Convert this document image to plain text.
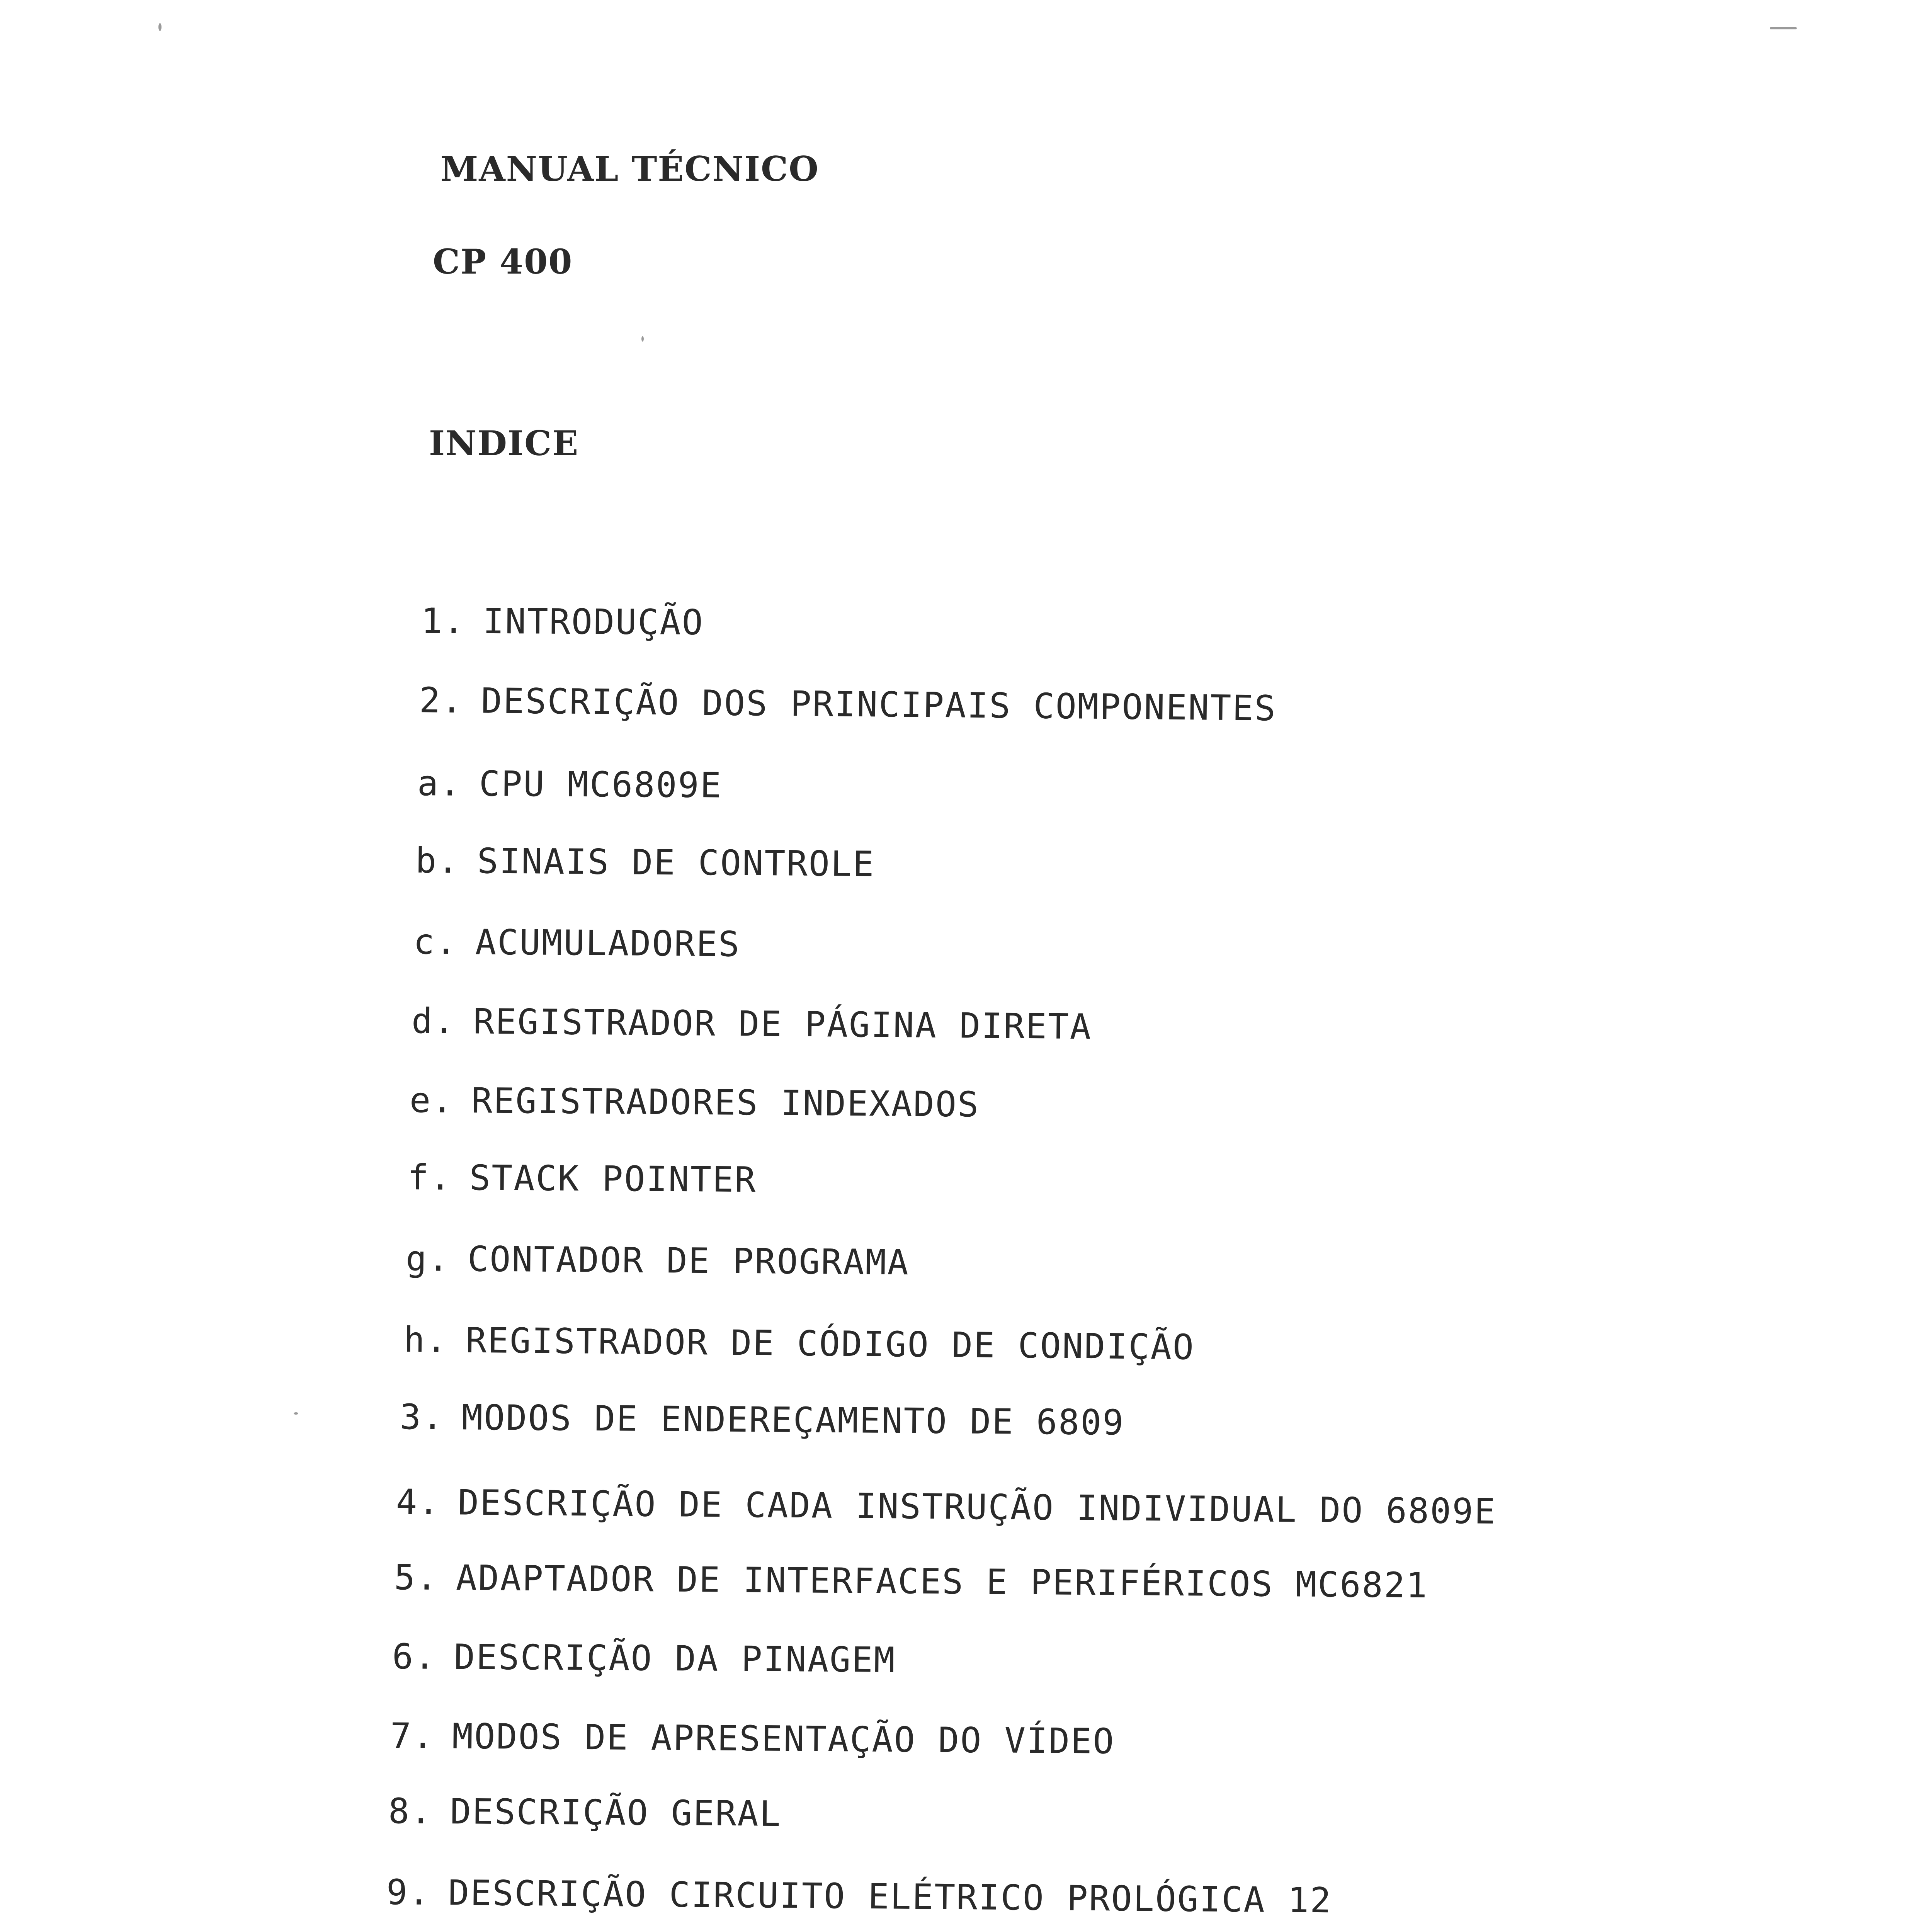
MANUAL TÉCNICO
CP 400
INDICE
1. INTRODUÇÃO
2. DESCRIÇÃO DOS PRINCIPAIS COMPONENTES
a. CPU MC6809E
b. SINAIS DE CONTROLE
c. ACUMULADORES
d. REGISTRADOR DE PÁGINA DIRETA
e. REGISTRADORES INDEXADOS
f. STACK POINTER
g. CONTADOR DE PROGRAMA
h. REGISTRADOR DE CÓDIGO DE CONDIÇÃO
3. MODOS DE ENDEREÇAMENTO DE 6809
4. DESCRIÇÃO DE CADA INSTRUÇÃO INDIVIDUAL DO 6809E
5. ADAPTADOR DE INTERFACES E PERIFÉRICOS MC6821
6. DESCRIÇÃO DA PINAGEM
7. MODOS DE APRESENTAÇÃO DO VÍDEO
8. DESCRIÇÃO GERAL
9. DESCRIÇÃO CIRCUITO ELÉTRICO PROLÓGICA 12
